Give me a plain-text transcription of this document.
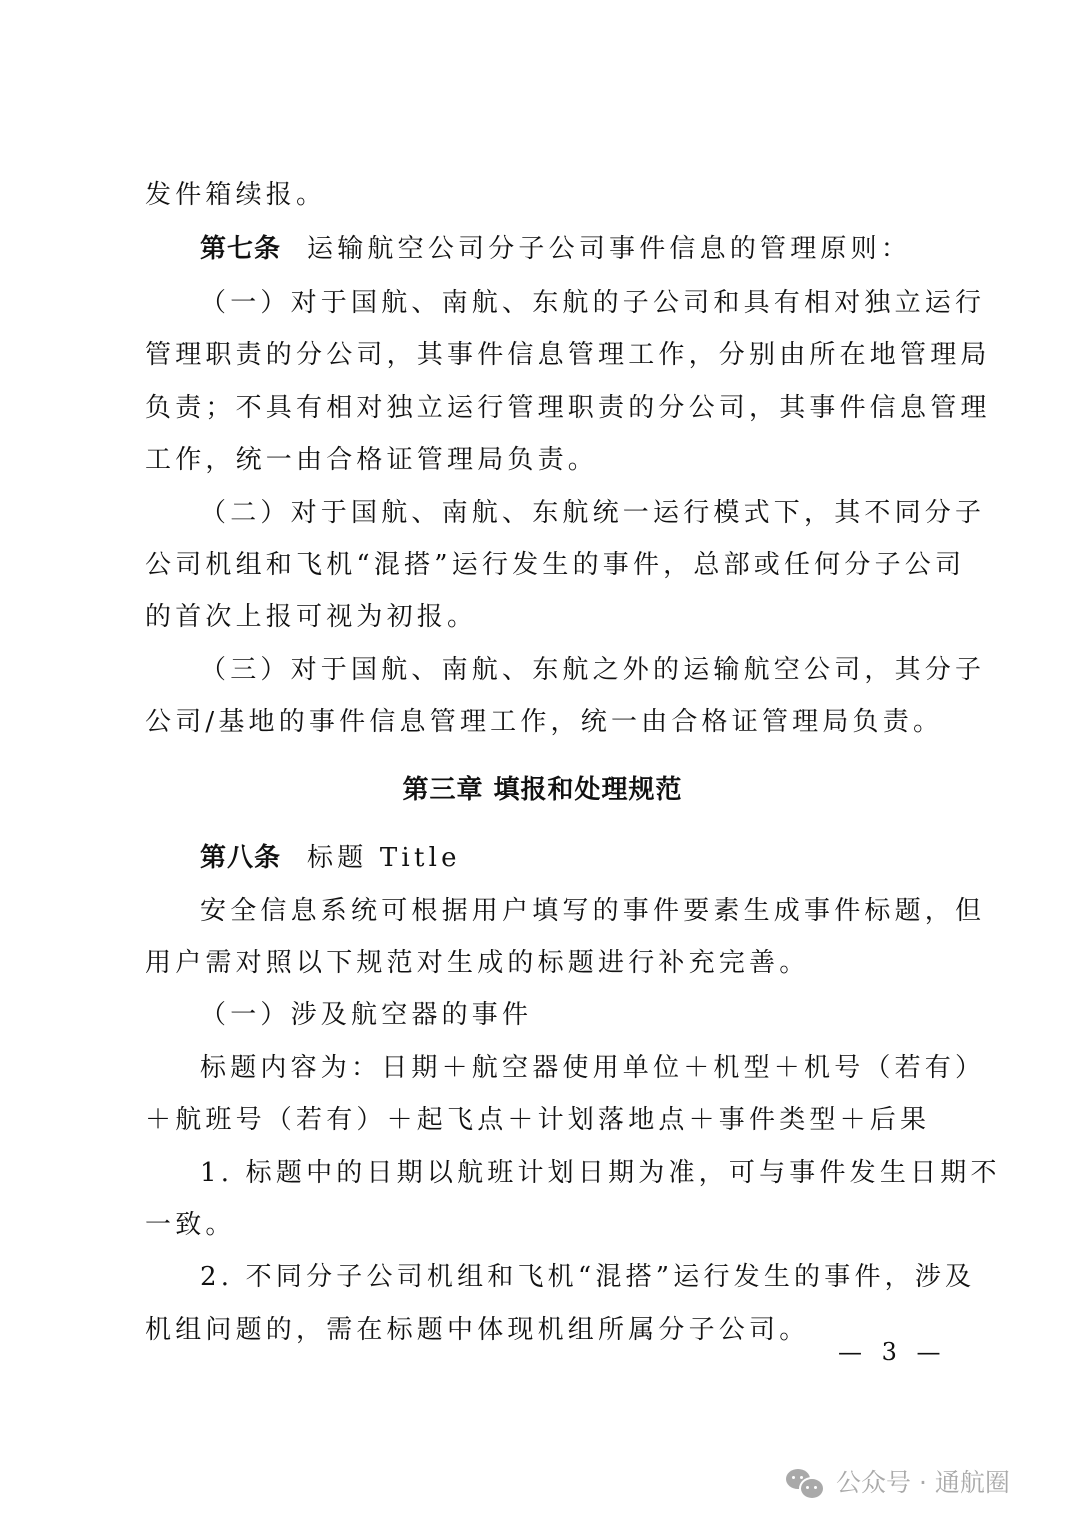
发件箱续报。
第七条 运输航空公司分子公司事件信息的管理原则：
（一）对于国航、南航、东航的子公司和具有相对独立运行
管理职责的分公司，其事件信息管理工作，分别由所在地管理局
负责；不具有相对独立运行管理职责的分公司，其事件信息管理
工作，统一由合格证管理局负责。
（二）对于国航、南航、东航统一运行模式下，其不同分子
公司机组和飞机“混搭”运行发生的事件，总部或任何分子公司
的首次上报可视为初报。
（三）对于国航、南航、东航之外的运输航空公司，其分子
公司/基地的事件信息管理工作，统一由合格证管理局负责。
第三章 填报和处理规范
第八条 标题 Title
安全信息系统可根据用户填写的事件要素生成事件标题，但
用户需对照以下规范对生成的标题进行补充完善。
（一）涉及航空器的事件
标题内容为：日期＋航空器使用单位＋机型＋机号（若有）
＋航班号（若有）＋起飞点＋计划落地点＋事件类型＋后果
1. 标题中的日期以航班计划日期为准，可与事件发生日期不
一致。
2. 不同分子公司机组和飞机“混搭”运行发生的事件，涉及
机组问题的，需在标题中体现机组所属分子公司。
— 3 —
公众号 · 通航圈
